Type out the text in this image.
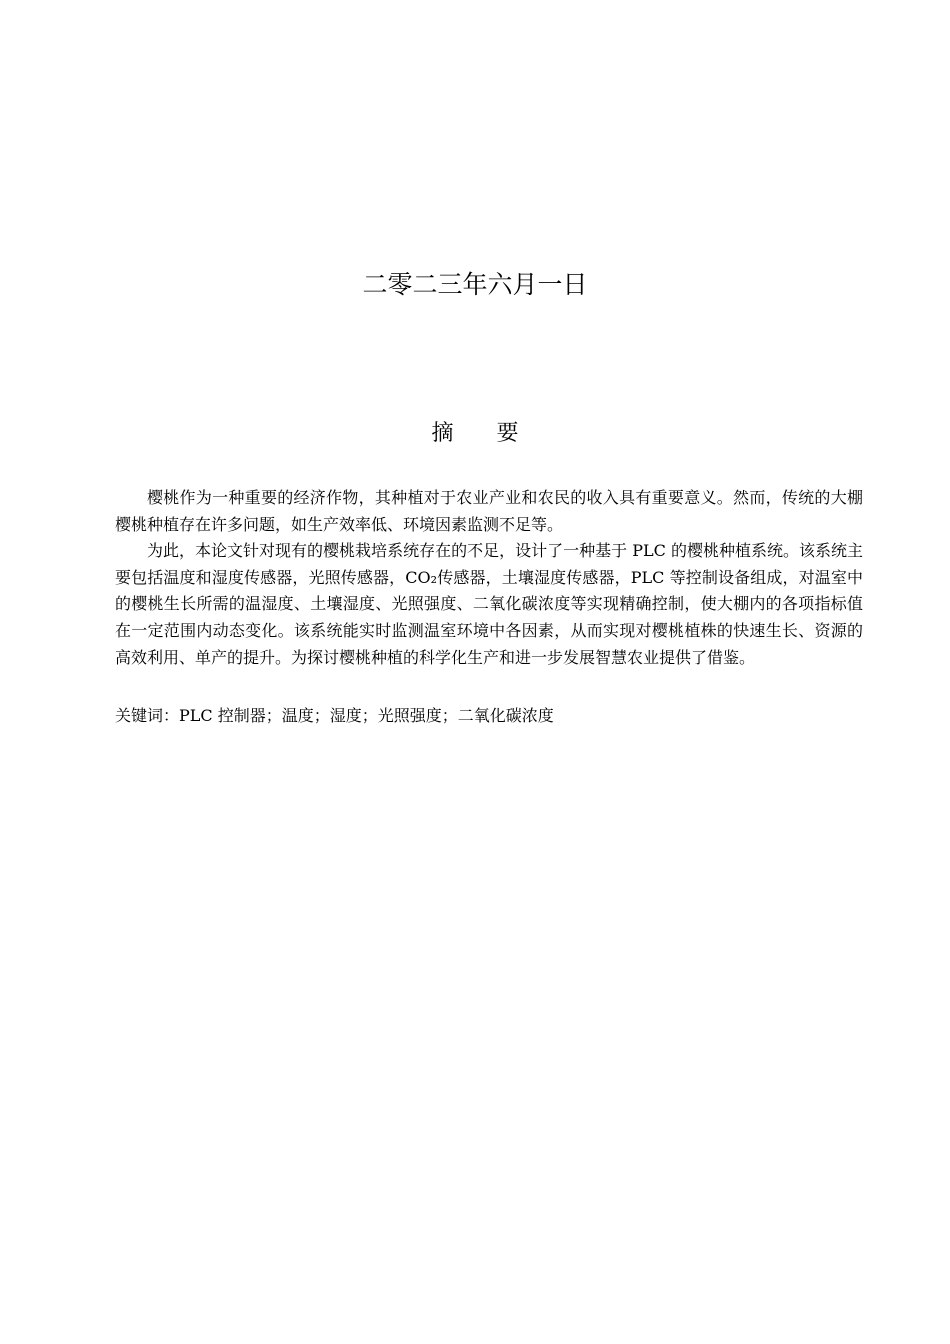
二零二三年六月一日
摘 要

樱桃作为一种重要的经济作物，其种植对于农业产业和农民的收入具有重要意义。然而，传统的大棚樱桃种植存在许多问题，如生产效率低、环境因素监测不足等。

为此，本论文针对现有的樱桃栽培系统存在的不足，设计了一种基于 PLC 的樱桃种植系统。该系统主要包括温度和湿度传感器，光照传感器，CO₂传感器，土壤湿度传感器，PLC 等控制设备组成，对温室中的樱桃生长所需的温湿度、土壤湿度、光照强度、二氧化碳浓度等实现精确控制，使大棚内的各项指标值在一定范围内动态变化。该系统能实时监测温室环境中各因素，从而实现对樱桃植株的快速生长、资源的高效利用、单产的提升。为探讨樱桃种植的科学化生产和进一步发展智慧农业提供了借鉴。

关键词：PLC 控制器；温度；湿度；光照强度；二氧化碳浓度
